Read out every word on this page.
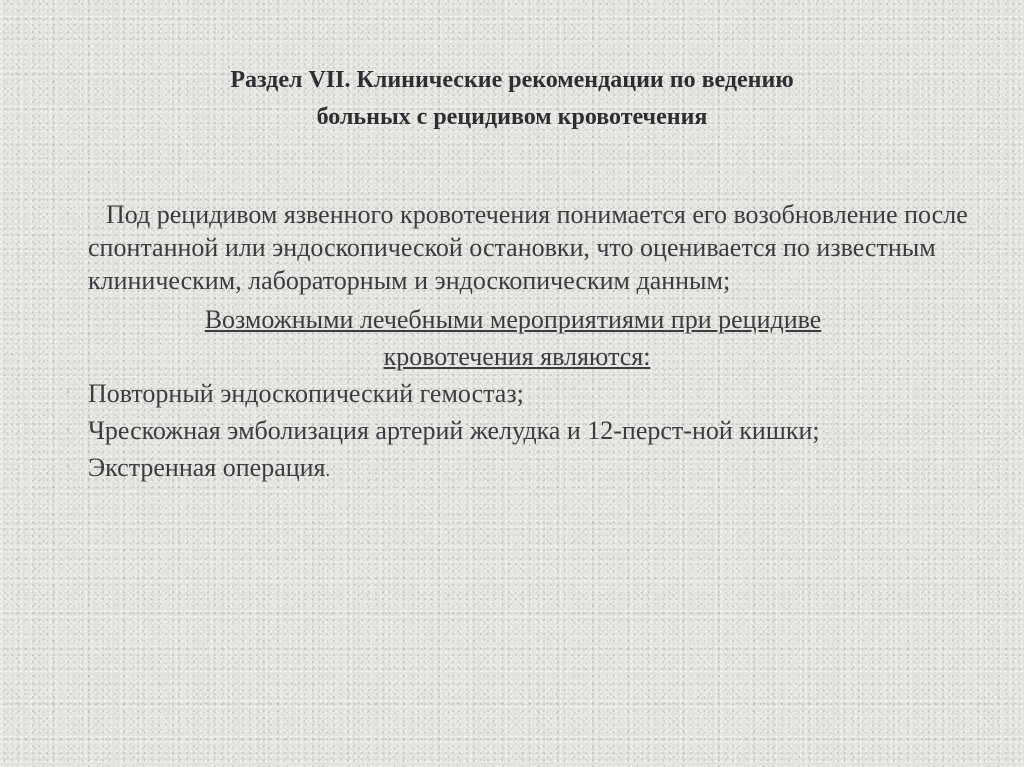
Раздел VII. Клинические рекомендации по ведению
больных с рецидивом кровотечения
•	Под рецидивом язвенного кровотечения понимается его возобновление после спонтанной или эндоскопической остановки, что оценивается по известным клиническим, лабораторным и эндоскопическим данным;
Возможными лечебными мероприятиями при рецидиве
кровотечения являются:
• Повторный эндоскопический гемостаз;
• Чрескожная эмболизация артерий желудка и 12-перст-ной кишки;
• Экстренная операция.
